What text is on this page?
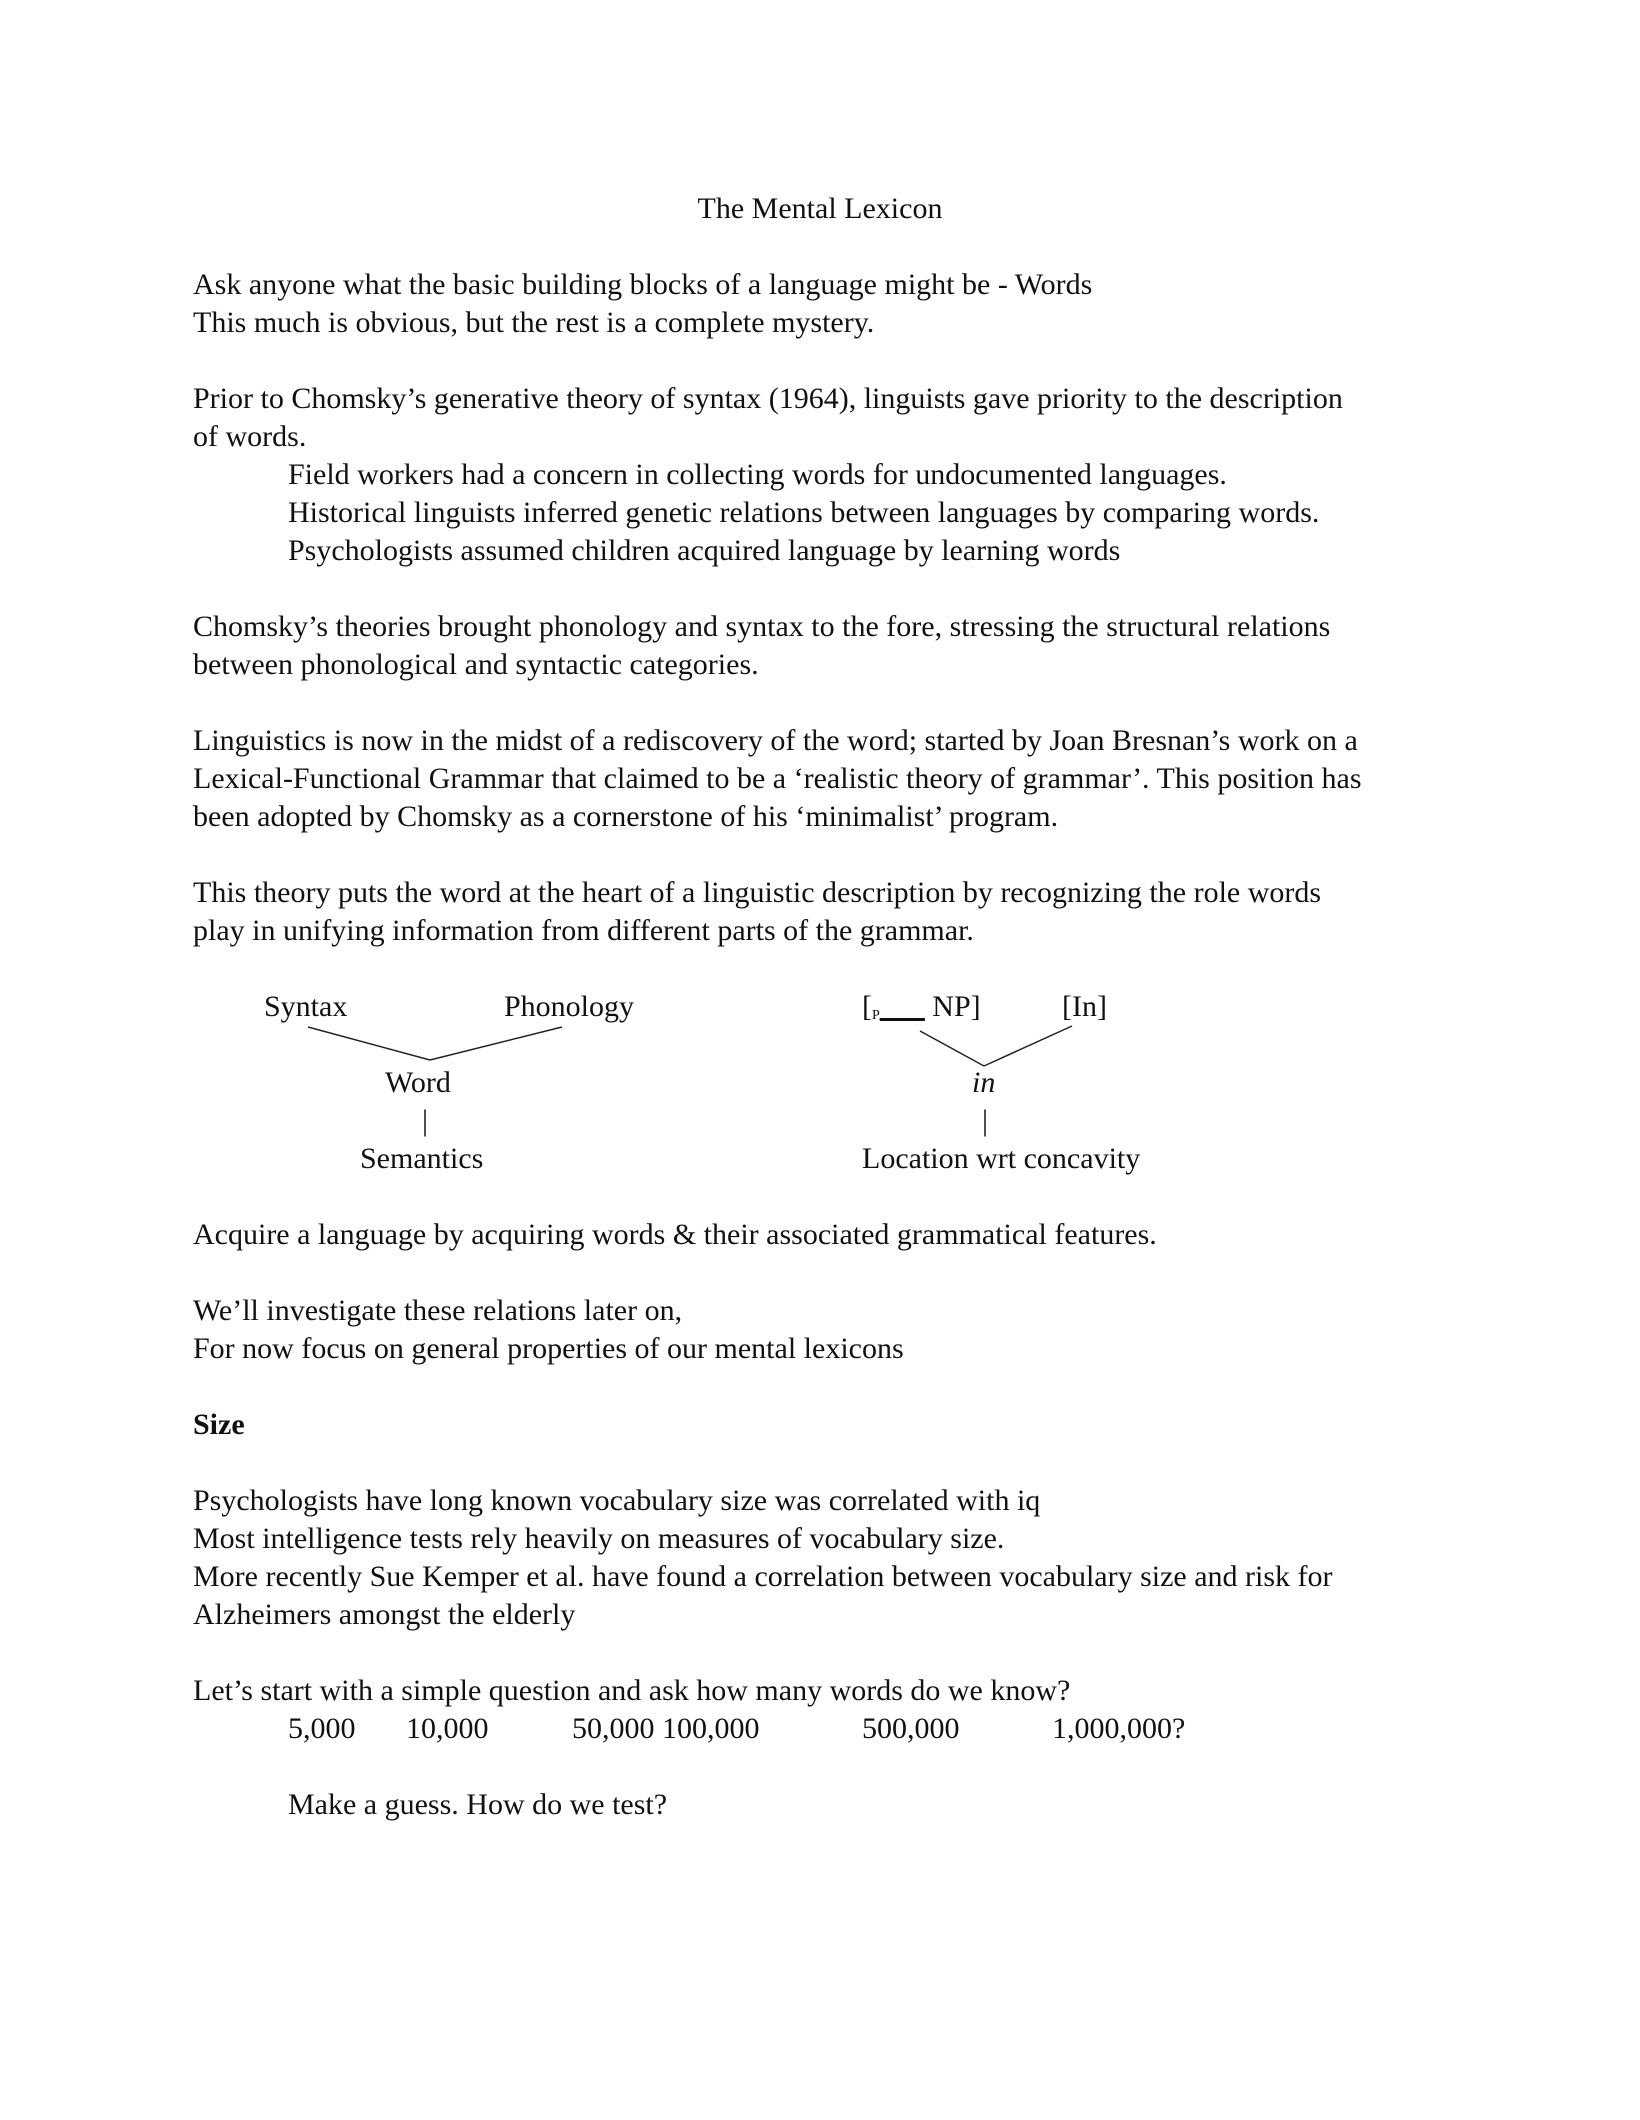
The Mental Lexicon
Ask anyone what the basic building blocks of a language might be - Words
This much is obvious, but the rest is a complete mystery.
Prior to Chomsky’s generative theory of syntax (1964), linguists gave priority to the description
of words.
Field workers had a concern in collecting words for undocumented languages.
Historical linguists inferred genetic relations between languages by comparing words.
Psychologists assumed children acquired language by learning words
Chomsky’s theories brought phonology and syntax to the fore, stressing the structural relations
between phonological and syntactic categories.
Linguistics is now in the midst of a rediscovery of the word; started by Joan Bresnan’s work on a
Lexical-Functional Grammar that claimed to be a ‘realistic theory of grammar’. This position has
been adopted by Chomsky as a cornerstone of his ‘minimalist’ program.
This theory puts the word at the heart of a linguistic description by recognizing the role words
play in unifying information from different parts of the grammar.
Syntax	Phonology
Word
|
Semantics
[$_P\_\_\_$ NP]	[In]
in
|
Location wrt concavity
Acquire a language by acquiring words & their associated grammatical features.
We’ll investigate these relations later on,
For now focus on general properties of our mental lexicons
Size
Psychologists have long known vocabulary size was correlated with iq
Most intelligence tests rely heavily on measures of vocabulary size.
More recently Sue Kemper et al. have found a correlation between vocabulary size and risk for
Alzheimers amongst the elderly
Let’s start with a simple question and ask how many words do we know?
5,000 10,000	50,000 100,000	500,000	1,000,000?
Make a guess. How do we test?
